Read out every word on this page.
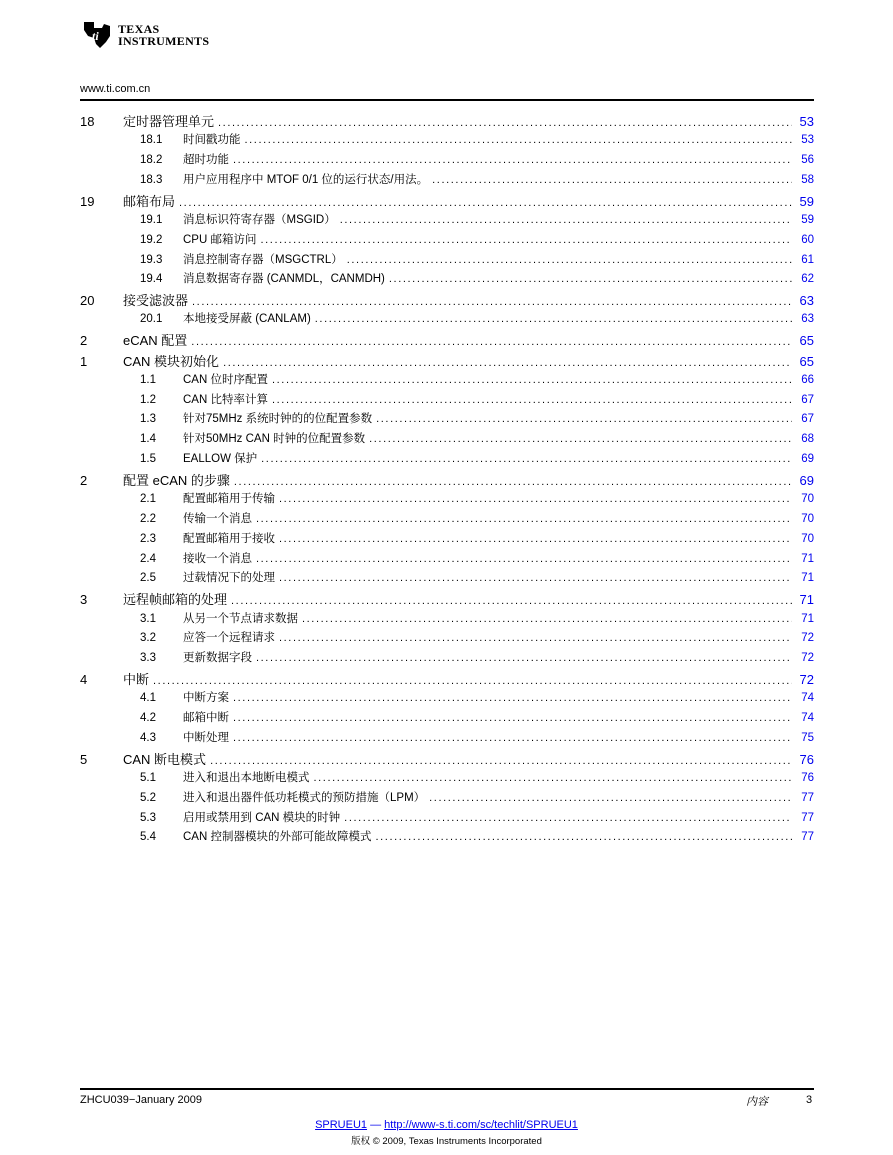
ti TEXAS
INSTRUMENTS
www.ti.com.cn
18	定时器管理单元 .....	53
18.1	时间戳功能 .....	53
18.2	超时功能 .....	56
18.3	用户应用程序中 MTOF 0/1 位的运行状态/用法。 .....	58
19	邮箱布局 .....	59
19.1	消息标识符寄存器（MSGID） .....	59
19.2	CPU 邮箱访问 .....	60
19.3	消息控制寄存器（MSGCTRL） .....	61
19.4	消息数据寄存器 (CANMDL，CANMDH) .....	62
20	接受滤波器 .....	63
20.1	本地接受屏蔽 (CANLAM) .....	63
2	eCAN 配置 .....	65
1	CAN 模块初始化 .....	65
1.1	CAN 位时序配置 .....	66
1.2	CAN 比特率计算 .....	67
1.3	针对75MHz 系统时钟的的位配置参数 .....	67
1.4	针对50MHz CAN 时钟的位配置参数 .....	68
1.5	EALLOW 保护 .....	69
2	配置 eCAN 的步骤 .....	69
2.1	配置邮箱用于传输 .....	70
2.2	传输一个消息 .....	70
2.3	配置邮箱用于接收 .....	70
2.4	接收一个消息 .....	71
2.5	过载情况下的处理 .....	71
3	远程帧邮箱的处理 .....	71
3.1	从另一个节点请求数据 .....	71
3.2	应答一个远程请求 .....	72
3.3	更新数据字段 .....	72
4	中断 .....	72
4.1	中断方案 .....	74
4.2	邮箱中断 .....	74
4.3	中断处理 .....	75
5	CAN 断电模式 .....	76
5.1	进入和退出本地断电模式 .....	76
5.2	进入和退出器件低功耗模式的预防措施（LPM） .....	77
5.3	启用或禁用到 CAN 模块的时钟 .....	77
5.4	CAN 控制器模块的外部可能故障模式 .....	77
ZHCU039−January 2009	内容	3
SPRUEU1 — http://www-s.ti.com/sc/techlit/SPRUEU1
版权 © 2009, Texas Instruments Incorporated
